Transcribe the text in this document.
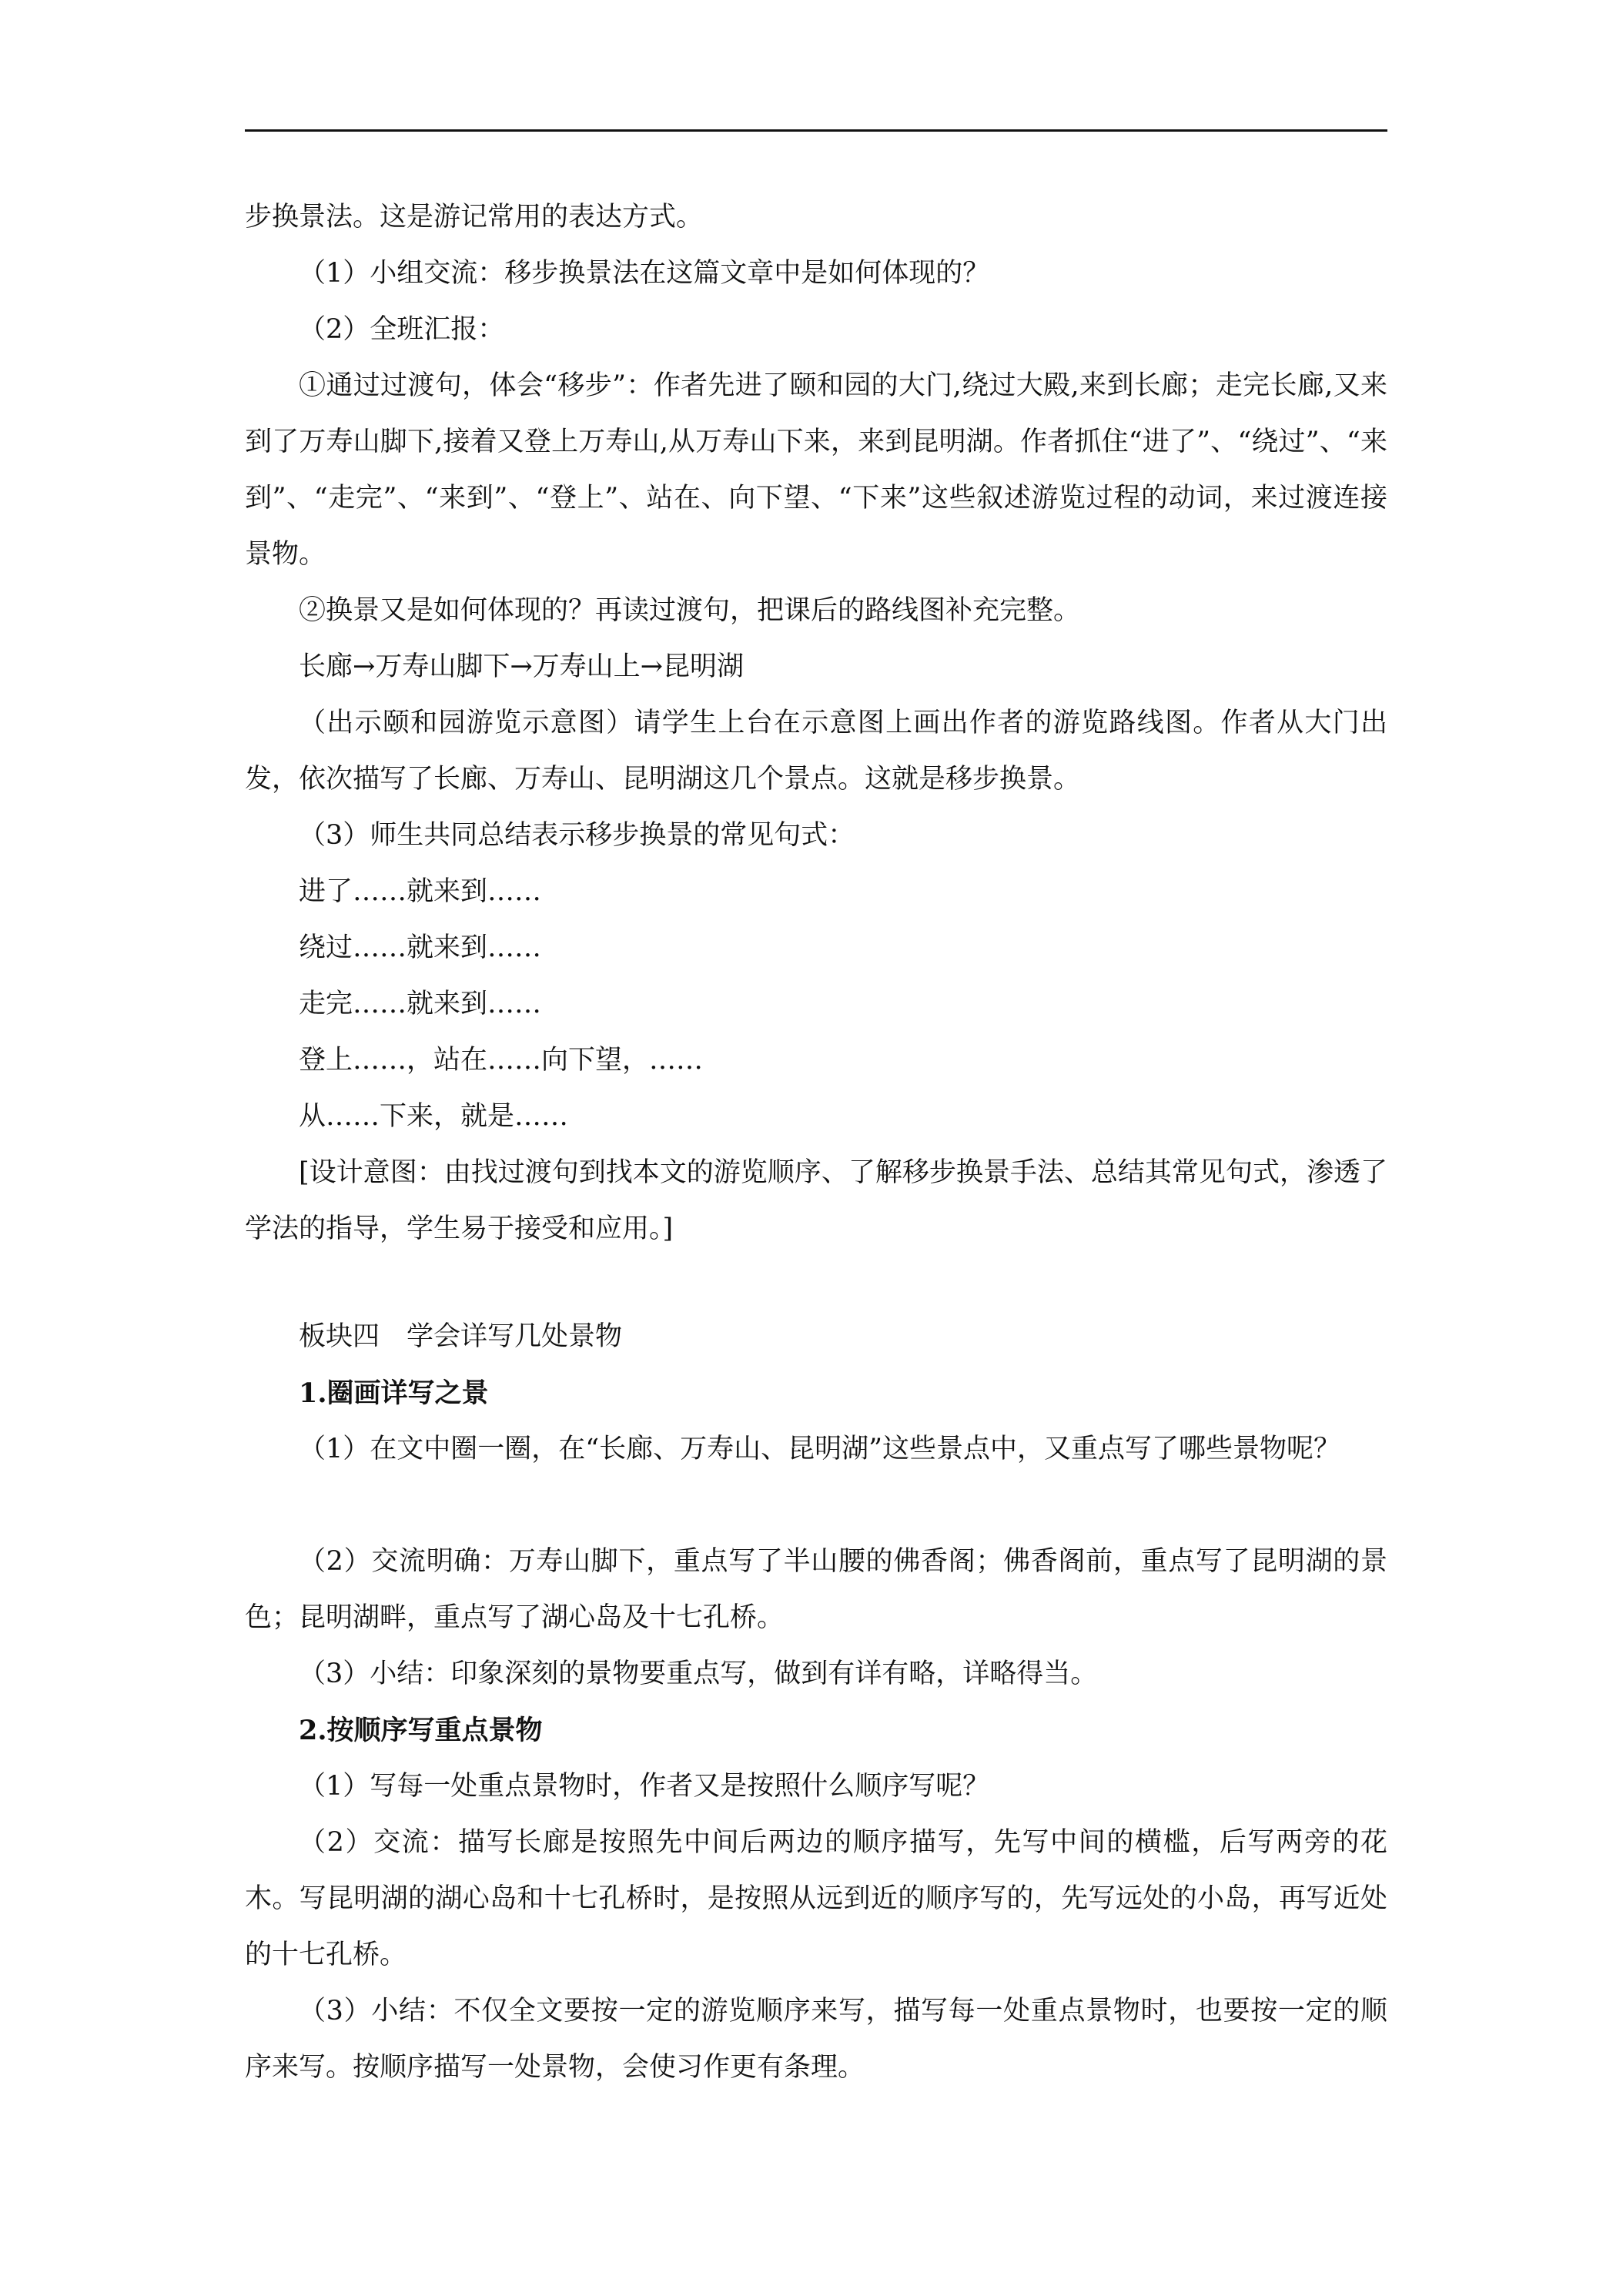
步换景法。这是游记常用的表达方式。

（1）小组交流：移步换景法在这篇文章中是如何体现的？

（2）全班汇报：

①通过过渡句，体会“移步”：作者先进了颐和园的大门,绕过大殿,来到长廊；走完长廊,又来到了万寿山脚下,接着又登上万寿山,从万寿山下来，来到昆明湖。作者抓住“进了”、“绕过”、“来到”、“走完”、“来到”、“登上”、站在、向下望、“下来”这些叙述游览过程的动词，来过渡连接景物。

②换景又是如何体现的？再读过渡句，把课后的路线图补充完整。

长廊→万寿山脚下→万寿山上→昆明湖

（出示颐和园游览示意图）请学生上台在示意图上画出作者的游览路线图。作者从大门出发，依次描写了长廊、万寿山、昆明湖这几个景点。这就是移步换景。

（3）师生共同总结表示移步换景的常见句式：

进了……就来到……

绕过……就来到……

走完……就来到……

登上……，站在……向下望，……

从……下来，就是……

[设计意图：由找过渡句到找本文的游览顺序、了解移步换景手法、总结其常见句式，渗透了学法的指导，学生易于接受和应用。]

板块四　学会详写几处景物

1.圈画详写之景

（1）在文中圈一圈，在“长廊、万寿山、昆明湖”这些景点中，又重点写了哪些景物呢？

（2）交流明确：万寿山脚下，重点写了半山腰的佛香阁；佛香阁前，重点写了昆明湖的景色；昆明湖畔，重点写了湖心岛及十七孔桥。

（3）小结：印象深刻的景物要重点写，做到有详有略，详略得当。

2.按顺序写重点景物

（1）写每一处重点景物时，作者又是按照什么顺序写呢？

（2）交流：描写长廊是按照先中间后两边的顺序描写，先写中间的横槛，后写两旁的花木。写昆明湖的湖心岛和十七孔桥时，是按照从远到近的顺序写的，先写远处的小岛，再写近处的十七孔桥。

（3）小结：不仅全文要按一定的游览顺序来写，描写每一处重点景物时，也要按一定的顺序来写。按顺序描写一处景物，会使习作更有条理。
